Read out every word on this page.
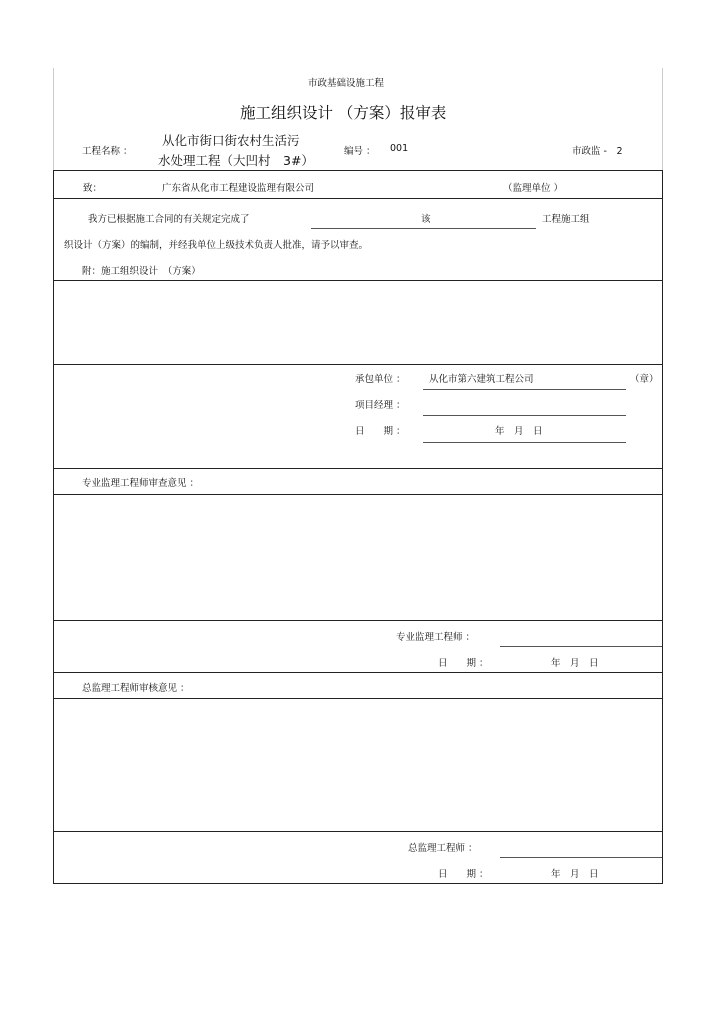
市政基础设施工程
施工组织设计 （方案）报审表
工程名称 ：
从化市街口街农村生活污
水处理工程（大凹村　3#）
编号 ： 001	市政监 -　2
致：	广东省从化市工程建设监理有限公司	（监理单位 ）
我方已根据施工合同的有关规定完成了	该	工程施工组
织设计（方案）的编制，并经我单位上级技术负责人批准，请予以审查。
附：施工组织设计　（方案）
承包单位 ： 从化市第六建筑工程公司	（章）
项目经理 ：
日　　期 ：	年　月　日
专业监理工程师审查意见 ：
专业监理工程师 ：
日　　期 ：	年　月　日
总监理工程师审核意见 ：
总监理工程师 ：
日　　期 ：	年　月　日
